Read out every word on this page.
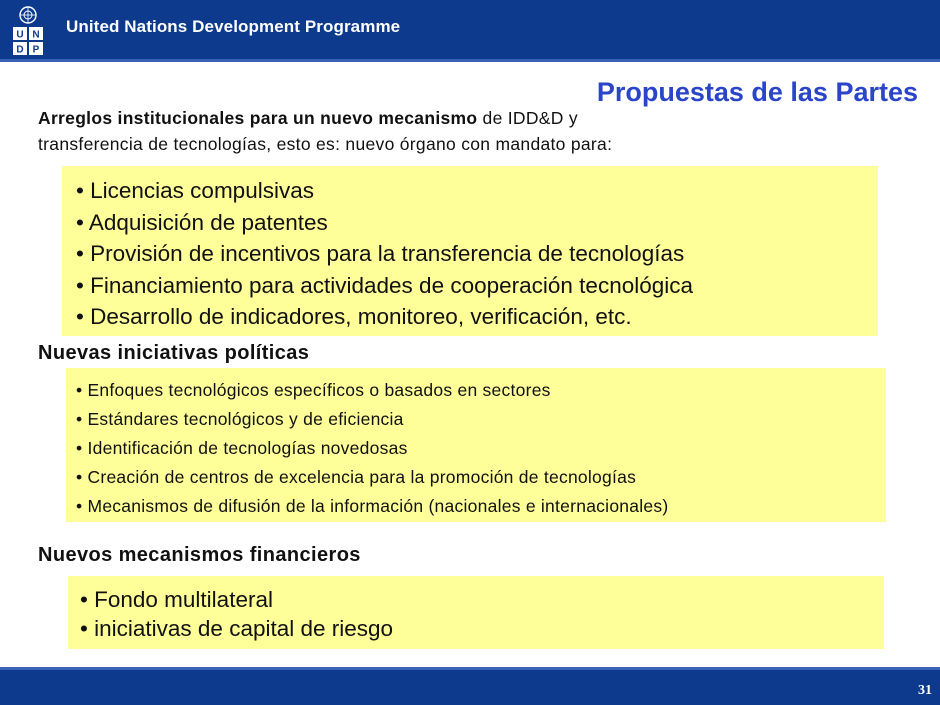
U N
D P
United Nations Development Programme
Propuestas de las Partes
Arreglos institucionales para un nuevo mecanismo de IDD&D y
transferencia de tecnologías, esto es: nuevo órgano con mandato para:
• Licencias compulsivas
• Adquisición de patentes
• Provisión de incentivos para la transferencia de tecnologías
• Financiamiento para actividades de cooperación tecnológica
• Desarrollo de indicadores, monitoreo, verificación, etc.
Nuevas iniciativas políticas
• Enfoques tecnológicos específicos o basados en sectores
• Estándares tecnológicos y de eficiencia
• Identificación de tecnologías novedosas
• Creación de centros de excelencia para la promoción de tecnologías
• Mecanismos de difusión de la información (nacionales e internacionales)
Nuevos mecanismos financieros
• Fondo multilateral
• iniciativas de capital de riesgo
31
